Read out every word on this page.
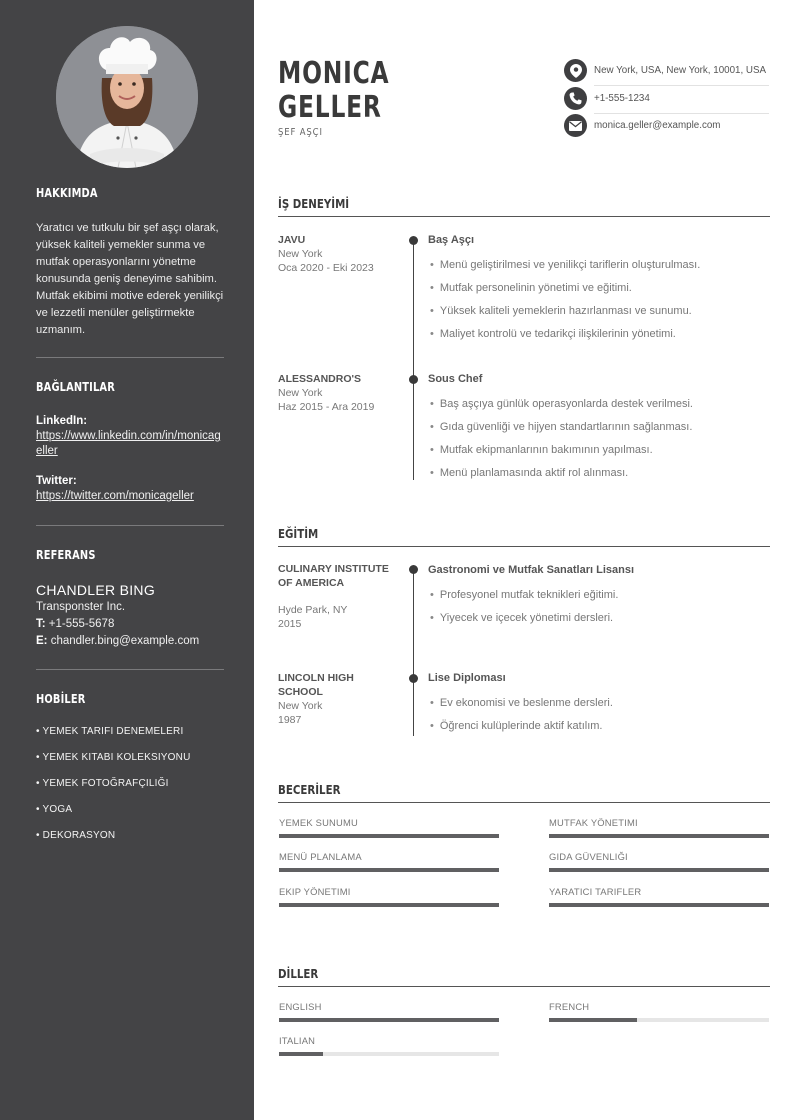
HAKKIMDA
Yaratıcı ve tutkulu bir şef aşçı olarak, yüksek kaliteli yemekler sunma ve mutfak operasyonlarını yönetme konusunda geniş deneyime sahibim. Mutfak ekibimi motive ederek yenilikçi ve lezzetli menüler geliştirmekte uzmanım.
BAĞLANTILAR
LinkedIn:
https://www.linkedin.com/in/monicageller
Twitter:
https://twitter.com/monicageller
REFERANS
CHANDLER BING
Transponster Inc.
T: +1-555-5678
E: chandler.bing@example.com
HOBİLER
• YEMEK TARIFI DENEMELERI
• YEMEK KITABI KOLEKSIYONU
• YEMEK FOTOĞRAFÇILIĞI
• YOGA
• DEKORASYON
MONICA
GELLER
ŞEF AŞÇI
New York, USA, New York, 10001, USA
+1-555-1234
monica.geller@example.com
İŞ DENEYİMİ
JAVU
New York
Oca 2020 - Eki 2023
Baş Aşçı
• Menü geliştirilmesi ve yenilikçi tariflerin oluşturulması.
• Mutfak personelinin yönetimi ve eğitimi.
• Yüksek kaliteli yemeklerin hazırlanması ve sunumu.
• Maliyet kontrolü ve tedarikçi ilişkilerinin yönetimi.
ALESSANDRO'S
New York
Haz 2015 - Ara 2019
Sous Chef
• Baş aşçıya günlük operasyonlarda destek verilmesi.
• Gıda güvenliği ve hijyen standartlarının sağlanması.
• Mutfak ekipmanlarının bakımının yapılması.
• Menü planlamasında aktif rol alınması.
EĞİTİM
CULINARY INSTITUTE OF AMERICA
Hyde Park, NY
2015
Gastronomi ve Mutfak Sanatları Lisansı
• Profesyonel mutfak teknikleri eğitimi.
• Yiyecek ve içecek yönetimi dersleri.
LINCOLN HIGH SCHOOL
New York
1987
Lise Diploması
• Ev ekonomisi ve beslenme dersleri.
• Öğrenci kulüplerinde aktif katılım.
BECERİLER
YEMEK SUNUMU	MUTFAK YÖNETIMI
MENÜ PLANLAMA	GIDA GÜVENLIĞI
EKIP YÖNETIMI	YARATICI TARIFLER
DİLLER
ENGLISH	FRENCH
ITALIAN
